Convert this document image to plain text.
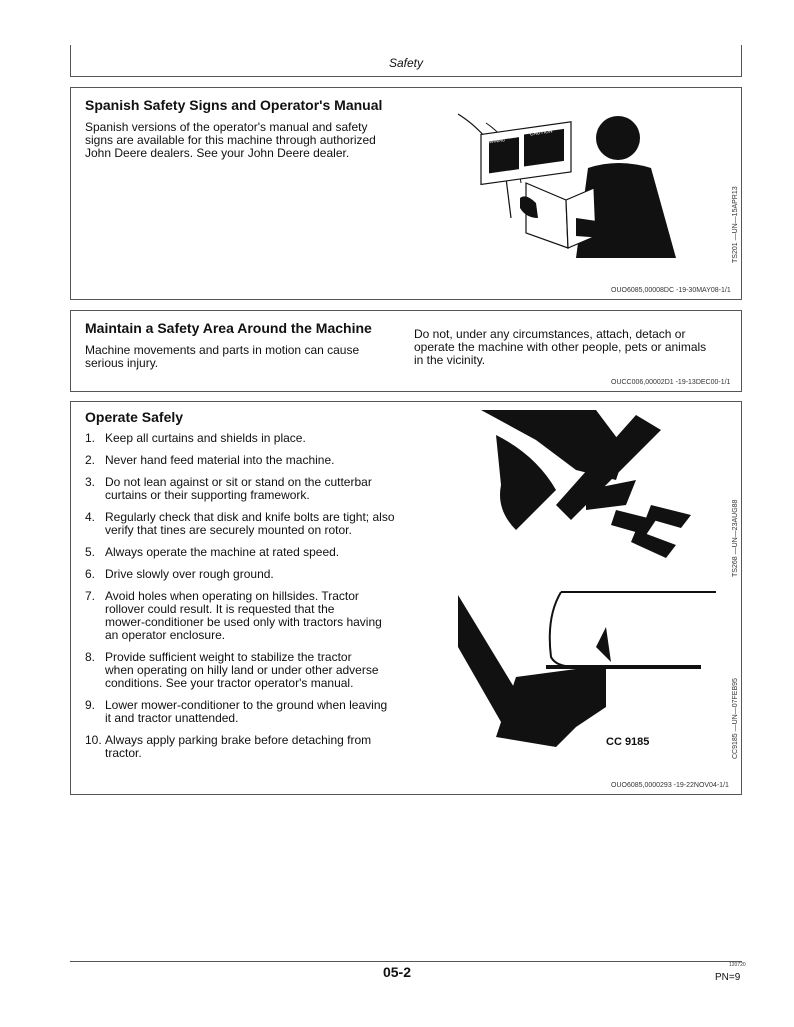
Safety
Spanish Safety Signs and Operator's Manual
Spanish versions of the operator's manual and safety
signs are available for this machine through authorized
John Deere dealers. See your John Deere dealer.
WARNING
CAUTION
TS201 —UN—15APR13
OUO6085,00008DC -19-30MAY08-1/1
Maintain a Safety Area Around the Machine
Machine movements and parts in motion can cause
serious injury.
Do not, under any circumstances, attach, detach or
operate the machine with other people, pets or animals
in the vicinity.
OUCC006,00002D1 -19-13DEC00-1/1
Operate Safely
1. Keep all curtains and shields in place.
2. Never hand feed material into the machine.
3. Do not lean against or sit or stand on the cutterbar
curtains or their supporting framework.
4. Regularly check that disk and knife bolts are tight; also
verify that tines are securely mounted on rotor.
5. Always operate the machine at rated speed.
6. Drive slowly over rough ground.
7. Avoid holes when operating on hillsides. Tractor
rollover could result. It is requested that the
mower-conditioner be used only with tractors having
an operator enclosure.
8. Provide sufficient weight to stabilize the tractor
when operating on hilly land or under other adverse
conditions. See your tractor operator's manual.
9. Lower mower-conditioner to the ground when leaving
it and tractor unattended.
10. Always apply parking brake before detaching from
tractor.
TS268 —UN—23AUG88
CC 9185	CC9185 —UN—07FEB95
OUO6085,0000293 -19-22NOV04-1/1
05-2	120720
PN=9
